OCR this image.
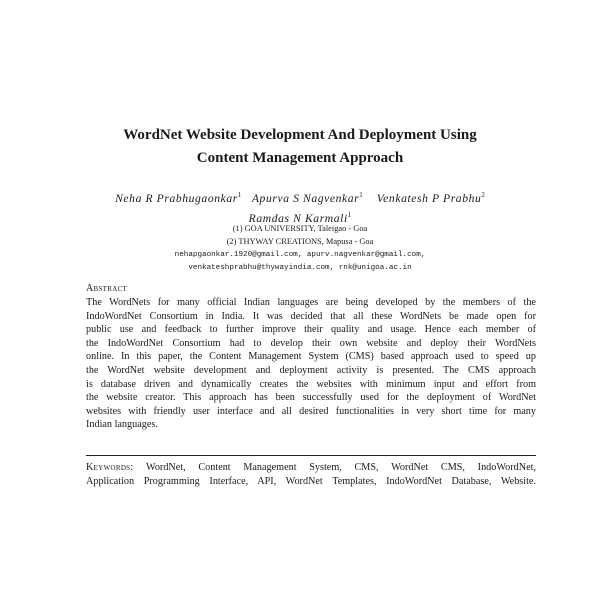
WordNet Website Development And Deployment Using
Content Management Approach
Neha R Prabhugaonkar$^1$ Apurva S Nagvenkar$^1$ Venkatesh P Prabhu$^2$
Ramdas N Karmali$^1$
(1) GOA UNIVERSITY, Taleigao - Goa
(2) THYWAY CREATIONS, Mapusa - Goa
nehapgaonkar.1920@gmail.com, apurv.nagvenkar@gmail.com,
venkateshprabhu@thywayindia.com, rnk@unigoa.ac.in
Abstract
The WordNets for many official Indian languages are being developed by the members of the
IndoWordNet Consortium in India. It was decided that all these WordNets be made open for
public use and feedback to further improve their quality and usage. Hence each member of
the IndoWordNet Consortium had to develop their own website and deploy their WordNets
online. In this paper, the Content Management System (CMS) based approach used to speed up
the WordNet website development and deployment activity is presented. The CMS approach
is database driven and dynamically creates the websites with minimum input and effort from
the website creator. This approach has been successfully used for the deployment of WordNet
websites with friendly user interface and all desired functionalities in very short time for many
Indian languages.
Keywords: WordNet, Content Management System, CMS, WordNet CMS, IndoWordNet,
Application Programming Interface, API, WordNet Templates, IndoWordNet Database, Website.
